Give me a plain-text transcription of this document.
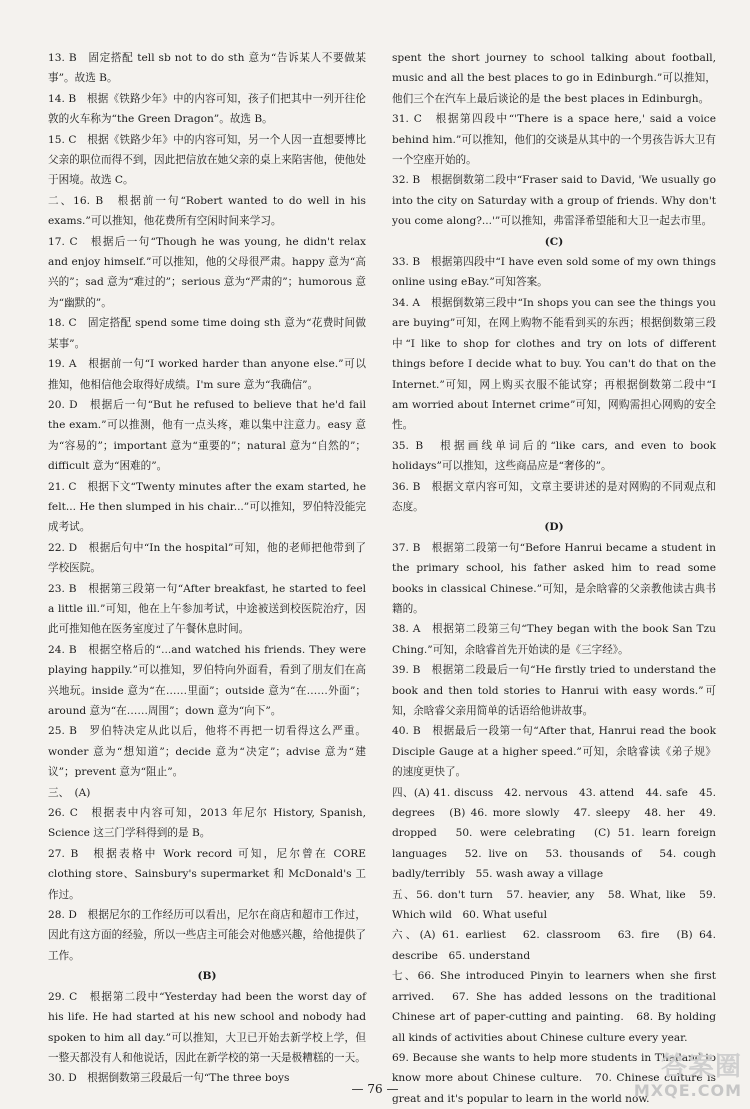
13. B　固定搭配 tell sb not to do sth 意为“告诉某人不要做某事”。故选 B。

14. B　根据《铁路少年》中的内容可知，孩子们把其中一列开往伦敦的火车称为“the Green Dragon”。故选 B。

15. C　根据《铁路少年》中的内容可知，另一个人因一直想要博比父亲的职位而得不到，因此把信放在她父亲的桌上来陷害他，使他处于困境。故选 C。

二、16. B　根据前一句“Robert wanted to do well in his exams.”可以推知，他花费所有空闲时间来学习。

17. C　根据后一句“Though he was young, he didn't relax and enjoy himself.”可以推知，他的父母很严肃。happy 意为“高兴的”；sad 意为“难过的”；serious 意为“严肃的”；humorous 意为“幽默的”。

18. C　固定搭配 spend some time doing sth 意为“花费时间做某事”。

19. A　根据前一句“I worked harder than anyone else.”可以推知，他相信他会取得好成绩。I'm sure 意为“我确信”。

20. D　根据后一句“But he refused to believe that he'd fail the exam.”可以推测，他有一点头疼，难以集中注意力。easy 意为“容易的”；important 意为“重要的”；natural 意为“自然的”；difficult 意为“困难的”。

21. C　根据下文“Twenty minutes after the exam started, he felt... He then slumped in his chair...”可以推知，罗伯特没能完成考试。

22. D　根据后句中“In the hospital”可知，他的老师把他带到了学校医院。

23. B　根据第三段第一句“After breakfast, he started to feel a little ill.”可知，他在上午参加考试，中途被送到校医院治疗，因此可推知他在医务室度过了午餐休息时间。

24. B　根据空格后的“...and watched his friends. They were playing happily.”可以推知，罗伯特向外面看，看到了朋友们在高兴地玩。inside 意为“在……里面”；outside 意为“在……外面”；around 意为“在……周围”；down 意为“向下”。

25. B　罗伯特决定从此以后，他将不再把一切看得这么严重。wonder 意为“想知道”；decide 意为“决定”；advise 意为“建议”；prevent 意为“阻止”。

三、　(A)

26. C　根据表中内容可知，2013 年尼尔 History, Spanish, Science 这三门学科得到的是 B。

27. B　根据表格中 Work record 可知，尼尔曾在 CORE clothing store、Sainsbury's supermarket 和 McDonald's 工作过。

28. D　根据尼尔的工作经历可以看出，尼尔在商店和超市工作过，因此有这方面的经验，所以一些店主可能会对他感兴趣，给他提供了工作。

(B)

29. C　根据第二段中“Yesterday had been the worst day of his life. He had started at his new school and nobody had spoken to him all day.”可以推知，大卫已开始去新学校上学，但一整天都没有人和他说话，因此在新学校的第一天是极糟糕的一天。

30. D　根据倒数第三段最后一句“The three boys

spent the short journey to school talking about football, music and all the best places to go in Edinburgh.”可以推知，他们三个在汽车上最后谈论的是 the best places in Edinburgh。

31. C　根据第四段中“'There is a space here,' said a voice behind him.”可以推知，他们的交谈是从其中的一个男孩告诉大卫有一个空座开始的。

32. B　根据倒数第二段中“Fraser said to David, 'We usually go into the city on Saturday with a group of friends. Why don't you come along?...'”可以推知，弗雷泽希望能和大卫一起去市里。

(C)

33. B　根据第四段中“I have even sold some of my own things online using eBay.”可知答案。

34. A　根据倒数第三段中“In shops you can see the things you are buying”可知，在网上购物不能看到买的东西；根据倒数第三段中“I like to shop for clothes and try on lots of different things before I decide what to buy. You can't do that on the Internet.”可知，网上购买衣服不能试穿；再根据倒数第二段中“I am worried about Internet crime”可知，网购需担心网购的安全性。

35. B　根据画线单词后的“like cars, and even to book holidays”可以推知，这些商品应是“奢侈的”。

36. B　根据文章内容可知，文章主要讲述的是对网购的不同观点和态度。

(D)

37. B　根据第二段第一句“Before Hanrui became a student in the primary school, his father asked him to read some books in classical Chinese.”可知，是余晗睿的父亲教他读古典书籍的。

38. A　根据第二段第三句“They began with the book San Tzu Ching.”可知，余晗睿首先开始读的是《三字经》。

39. B　根据第二段最后一句“He firstly tried to understand the book and then told stories to Hanrui with easy words.”可知，余晗睿父亲用简单的话语给他讲故事。

40. B　根据最后一段第一句“After that, Hanrui read the book Disciple Gauge at a higher speed.”可知，余晗睿读《弟子规》的速度更快了。

四、(A) 41. discuss　42. nervous　43. attend　44. safe　45. degrees　(B) 46. more slowly　47. sleepy　48. her　49. dropped　50. were celebrating　(C) 51. learn foreign languages　52. live on　53. thousands of　54. cough badly/terribly　55. wash away a village

五、56. don't turn　57. heavier, any　58. What, like　59. Which wild　60. What useful

六、(A) 61. earliest　62. classroom　63. fire　(B) 64. describe　65. understand

七、66. She introduced Pinyin to learners when she first arrived.　67. She has added lessons on the traditional Chinese art of paper-cutting and painting.　68. By holding all kinds of activities about Chinese culture every year.

69. Because she wants to help more students in Thailand to know more about Chinese culture.　70. Chinese culture is great and it's popular to learn in the world now.

— 76 —
答案圈
MXQE.COM
